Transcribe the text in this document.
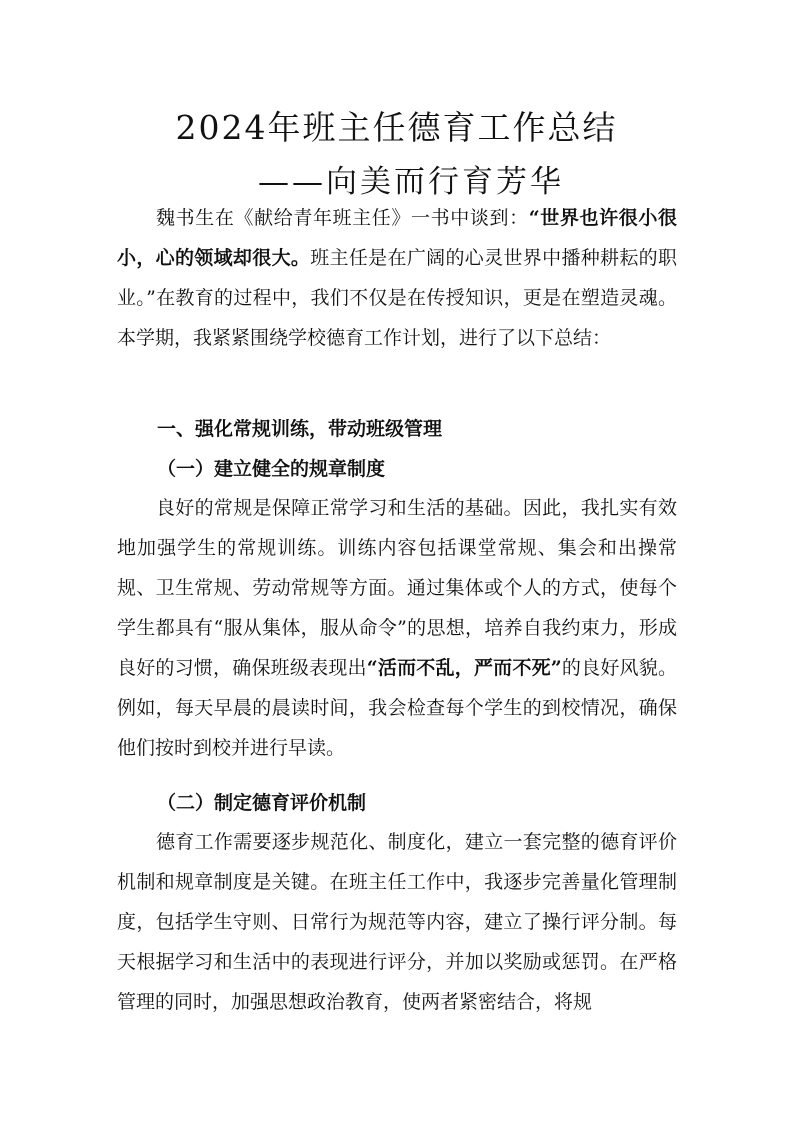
2024年班主任德育工作总结
——向美而行育芳华

魏书生在《献给青年班主任》一书中谈到：“世界也许很小很小，心的领域却很大。班主任是在广阔的心灵世界中播种耕耘的职业。”在教育的过程中，我们不仅是在传授知识，更是在塑造灵魂。本学期，我紧紧围绕学校德育工作计划，进行了以下总结：

一、强化常规训练，带动班级管理
（一）建立健全的规章制度

良好的常规是保障正常学习和生活的基础。因此，我扎实有效地加强学生的常规训练。训练内容包括课堂常规、集会和出操常规、卫生常规、劳动常规等方面。通过集体或个人的方式，使每个学生都具有“服从集体，服从命令”的思想，培养自我约束力，形成良好的习惯，确保班级表现出“活而不乱，严而不死”的良好风貌。例如，每天早晨的晨读时间，我会检查每个学生的到校情况，确保他们按时到校并进行早读。

（二）制定德育评价机制

德育工作需要逐步规范化、制度化，建立一套完整的德育评价机制和规章制度是关键。在班主任工作中，我逐步完善量化管理制度，包括学生守则、日常行为规范等内容，建立了操行评分制。每天根据学习和生活中的表现进行评分，并加以奖励或惩罚。在严格管理的同时，加强思想政治教育，使两者紧密结合，将规
